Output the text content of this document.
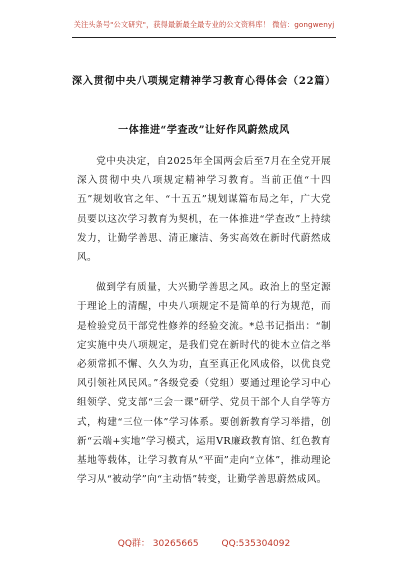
关注头条号"公文研究"，获得最新最全最专业的公文资料库！ 微信：gongwenyj
深入贯彻中央八项规定精神学习教育心得体会（22篇）
一体推进“学查改”让好作风蔚然成风

党中央决定，自2025年全国两会后至7月在全党开展深入贯彻中央八项规定精神学习教育。当前正值“十四五”规划收官之年、“十五五”规划谋篇布局之年，广大党员要以这次学习教育为契机，在一体推进“学查改”上持续发力，让勤学善思、清正廉洁、务实高效在新时代蔚然成风。

做到学有质量，大兴勤学善思之风。政治上的坚定源于理论上的清醒，中央八项规定不是简单的行为规范，而是检验党员干部党性修养的经验交流。*总书记指出：“制定实施中央八项规定，是我们党在新时代的徙木立信之举必须常抓不懈、久久为功，直至真正化风成俗，以优良党风引领社风民风。”各级党委（党组）要通过理论学习中心组领学、党支部“三会一课”研学、党员干部个人自学等方式，构建“三位一体”学习体系。要创新教育学习举措，创新“云端+实地”学习模式，运用VR廉政教育馆、红色教育基地等载体，让学习教育从“平面”走向“立体”，推动理论学习从“被动学”向“主动悟”转变，让勤学善思蔚然成风。

QQ群： 30265665	QQ:535304092
